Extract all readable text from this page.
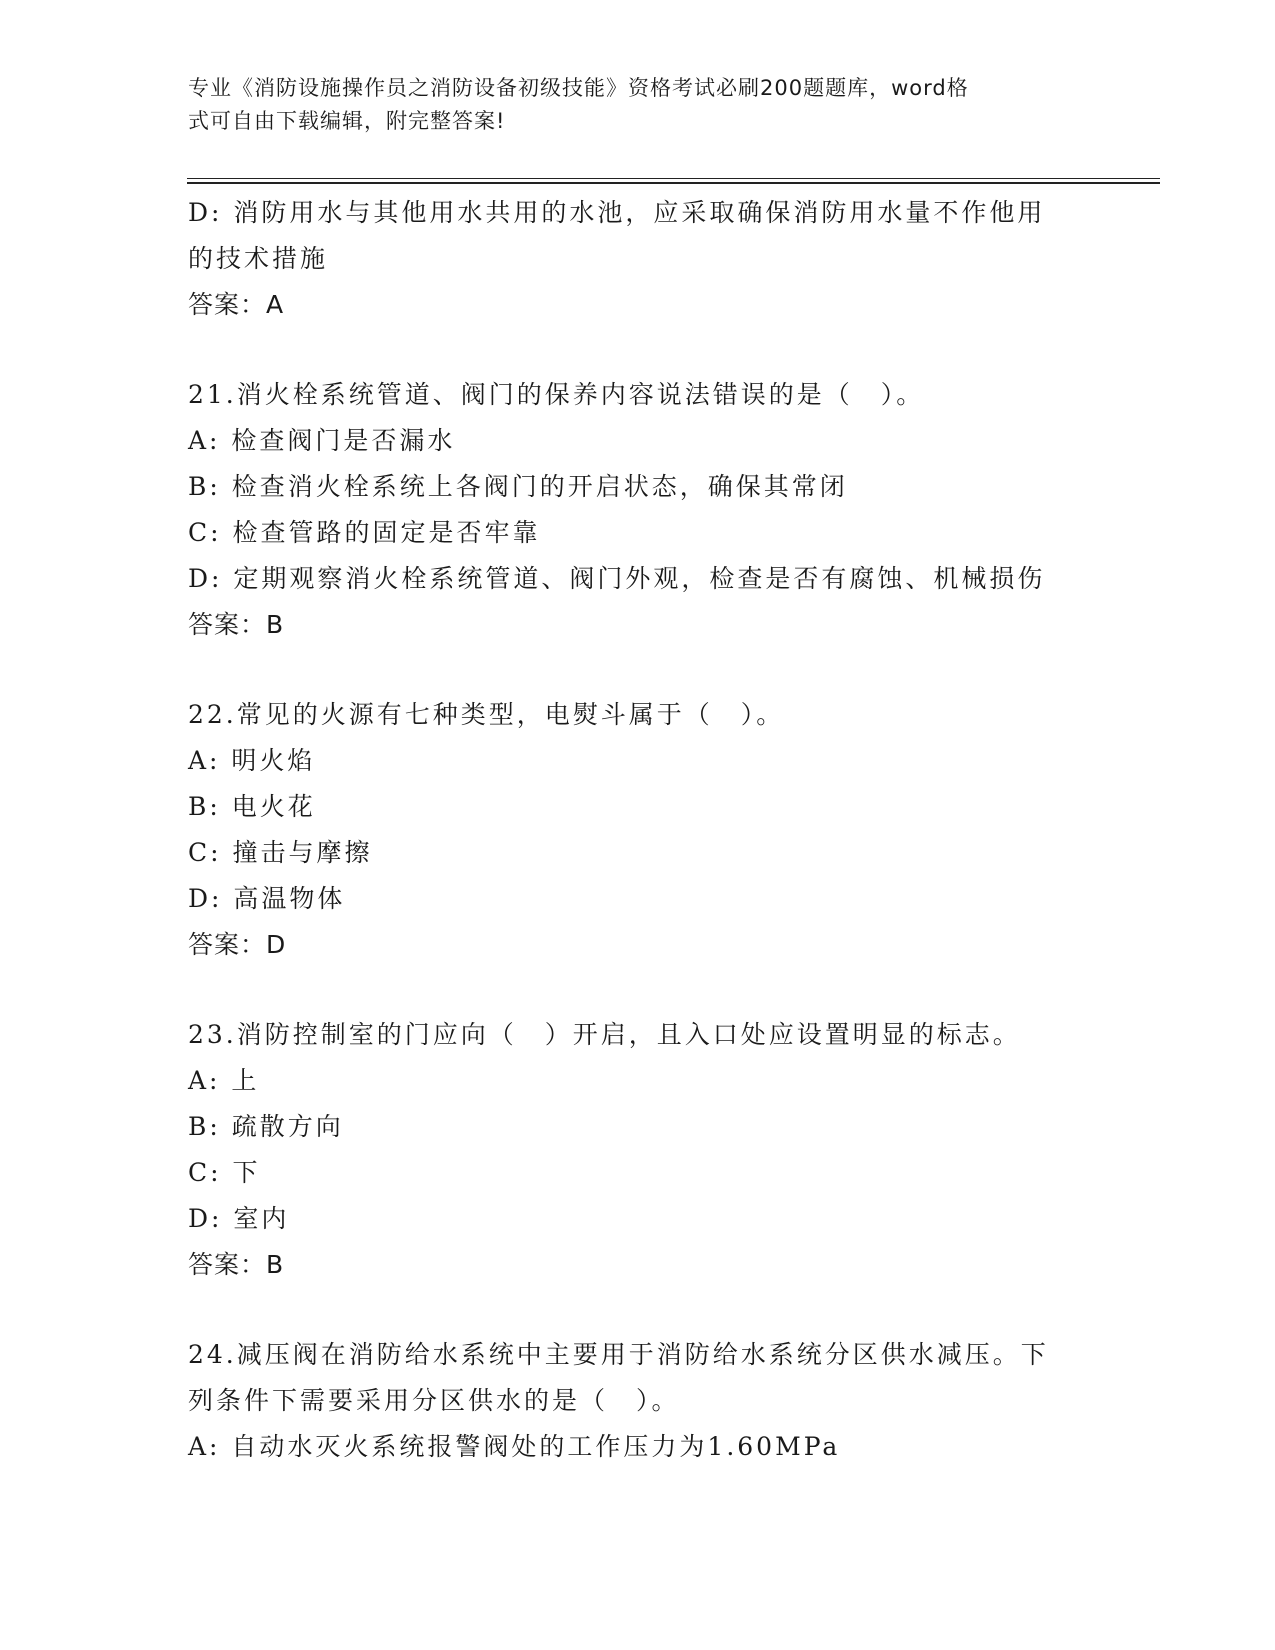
专业《消防设施操作员之消防设备初级技能》资格考试必刷200题题库，word格
式可自由下载编辑，附完整答案!
D: 消防用水与其他用水共用的水池，应采取确保消防用水量不作他用
的技术措施
答案：A
21.消火栓系统管道、阀门的保养内容说法错误的是（　）。
A: 检查阀门是否漏水
B: 检查消火栓系统上各阀门的开启状态，确保其常闭
C: 检查管路的固定是否牢靠
D: 定期观察消火栓系统管道、阀门外观，检查是否有腐蚀、机械损伤
答案：B
22.常见的火源有七种类型，电熨斗属于（　）。
A: 明火焰
B: 电火花
C: 撞击与摩擦
D: 高温物体
答案：D
23.消防控制室的门应向（　）开启，且入口处应设置明显的标志。
A: 上
B: 疏散方向
C: 下
D: 室内
答案：B
24.减压阀在消防给水系统中主要用于消防给水系统分区供水减压。下
列条件下需要采用分区供水的是（　）。
A: 自动水灭火系统报警阀处的工作压力为1.60MPa
